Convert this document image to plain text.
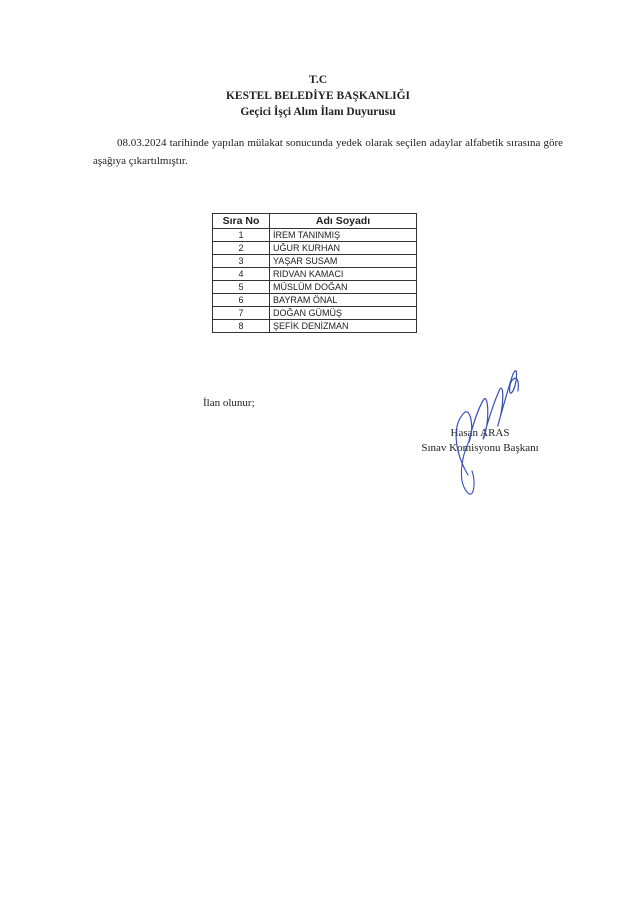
T.C
KESTEL BELEDİYE BAŞKANLIĞI
Geçici İşçi Alım İlanı Duyurusu
08.03.2024 tarihinde yapılan mülakat sonucunda yedek olarak seçilen adaylar alfabetik sırasına göre aşağıya çıkartılmıştır.
Sıra No	Adı Soyadı
1	İREM TANINMIŞ
2	UĞUR KURHAN
3	YAŞAR SUSAM
4	RIDVAN KAMACI
5	MÜSLÜM DOĞAN
6	BAYRAM ÖNAL
7	DOĞAN GÜMÜŞ
8	ŞEFİK DENİZMAN
İlan olunur;
Hasan ARAS
Sınav Komisyonu Başkanı
